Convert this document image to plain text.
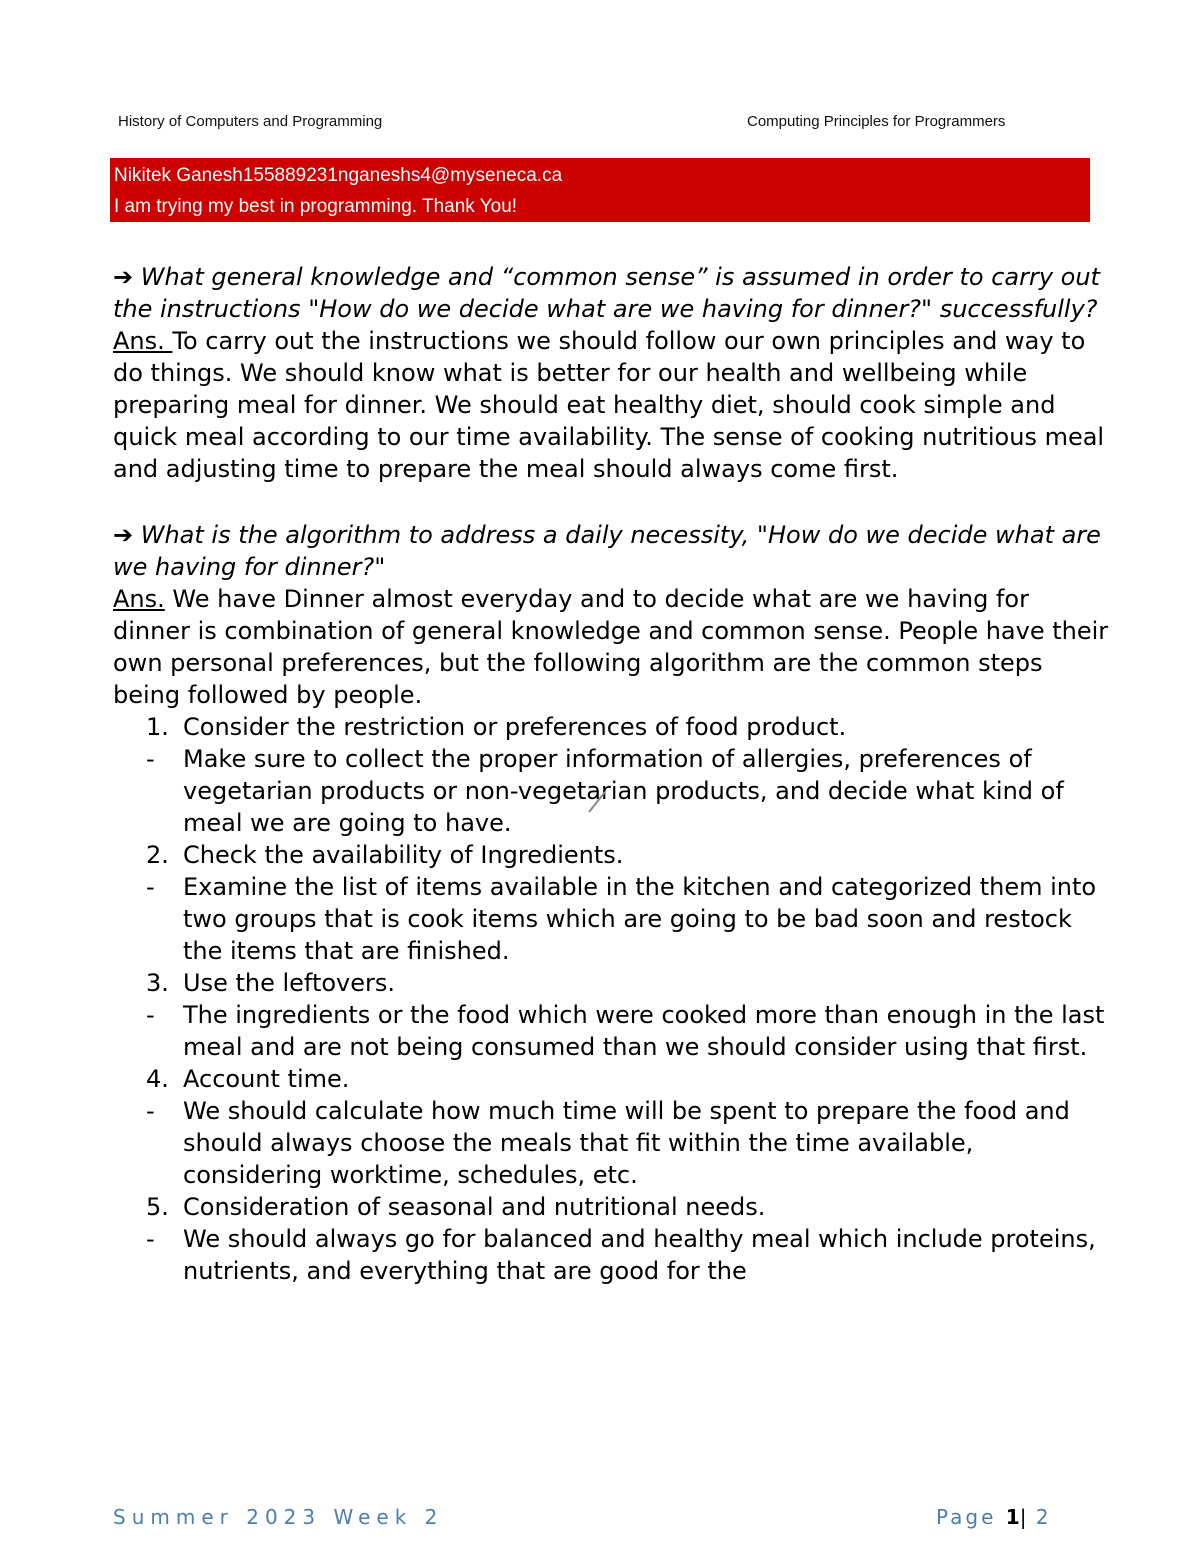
History of Computers and Programming	Computing Principles for Programmers
Nikitek Ganesh155889231nganeshs4@myseneca.ca
I am trying my best in programming. Thank You!
➔ What general knowledge and “common sense” is assumed in order to carry out the instructions "How do we decide what are we having for dinner?" successfully?
Ans. To carry out the instructions we should follow our own principles and way to do things. We should know what is better for our health and wellbeing while preparing meal for dinner. We should eat healthy diet, should cook simple and quick meal according to our time availability. The sense of cooking nutritious meal and adjusting time to prepare the meal should always come first.
➔ What is the algorithm to address a daily necessity, "How do we decide what are we having for dinner?"
Ans. We have Dinner almost everyday and to decide what are we having for dinner is combination of general knowledge and common sense. People have their own personal preferences, but the following algorithm are the common steps being followed by people.
1. Consider the restriction or preferences of food product.
- Make sure to collect the proper information of allergies, preferences of vegetarian products or non-vegetarian products, and decide what kind of meal we are going to have.
2. Check the availability of Ingredients.
- Examine the list of items available in the kitchen and categorized them into two groups that is cook items which are going to be bad soon and restock the items that are finished.
3. Use the leftovers.
- The ingredients or the food which were cooked more than enough in the last meal and are not being consumed than we should consider using that first.
4. Account time.
- We should calculate how much time will be spent to prepare the food and should always choose the meals that fit within the time available, considering worktime, schedules, etc.
5. Consideration of seasonal and nutritional needs.
- We should always go for balanced and healthy meal which include proteins, nutrients, and everything that are good for the
Summer 2023 Week 2	Page 1| 2
